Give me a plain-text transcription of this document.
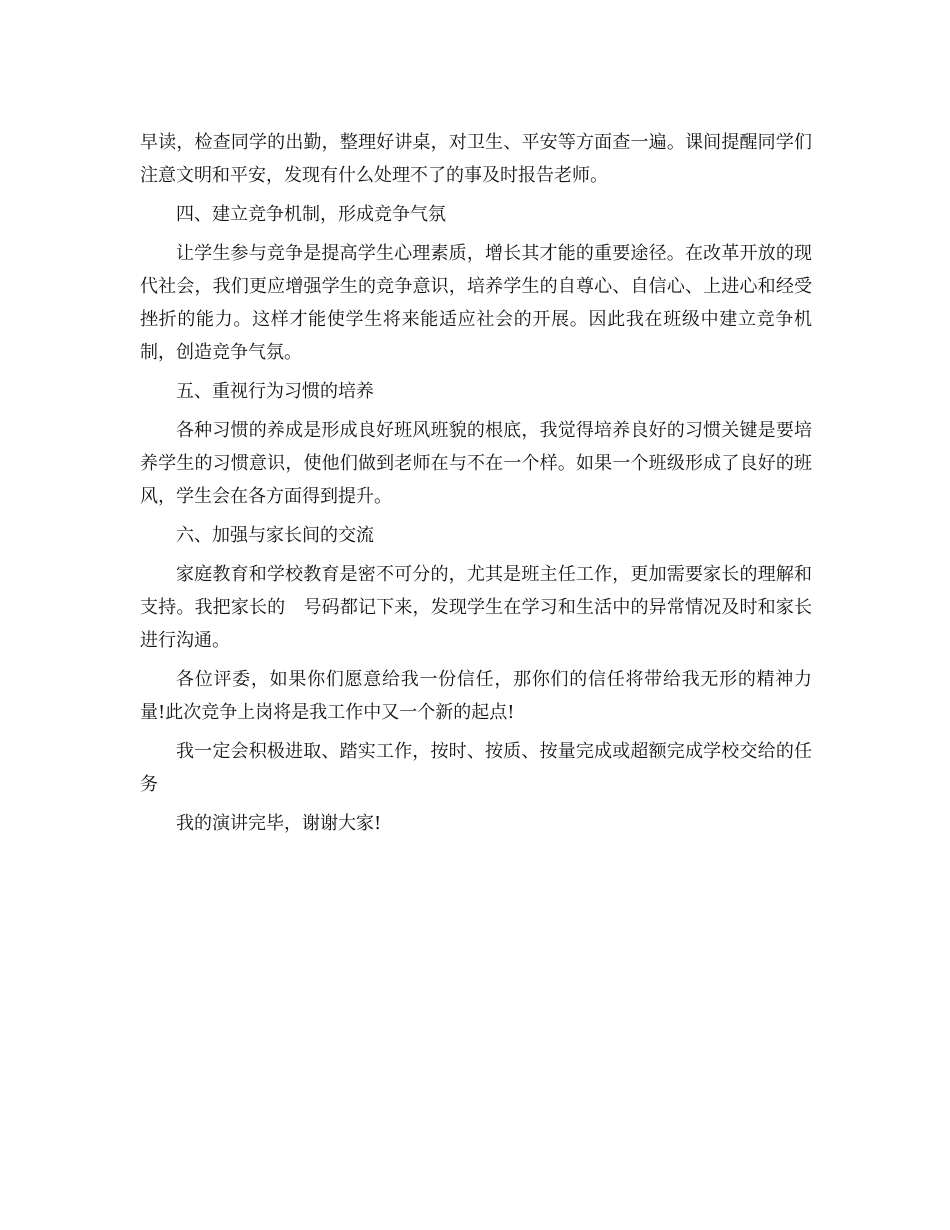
早读，检查同学的出勤，整理好讲桌，对卫生、平安等方面查一遍。课间提醒同学们注意文明和平安，发现有什么处理不了的事及时报告老师。

四、建立竞争机制，形成竞争气氛

让学生参与竞争是提高学生心理素质，增长其才能的重要途径。在改革开放的现代社会，我们更应增强学生的竞争意识，培养学生的自尊心、自信心、上进心和经受挫折的能力。这样才能使学生将来能适应社会的开展。因此我在班级中建立竞争机制，创造竞争气氛。

五、重视行为习惯的培养

各种习惯的养成是形成良好班风班貌的根底，我觉得培养良好的习惯关键是要培养学生的习惯意识，使他们做到老师在与不在一个样。如果一个班级形成了良好的班风，学生会在各方面得到提升。

六、加强与家长间的交流

家庭教育和学校教育是密不可分的，尤其是班主任工作，更加需要家长的理解和支持。我把家长的　号码都记下来，发现学生在学习和生活中的异常情况及时和家长进行沟通。

各位评委，如果你们愿意给我一份信任，那你们的信任将带给我无形的精神力量!此次竞争上岗将是我工作中又一个新的起点!

我一定会积极进取、踏实工作，按时、按质、按量完成或超额完成学校交给的任务

我的演讲完毕，谢谢大家!
